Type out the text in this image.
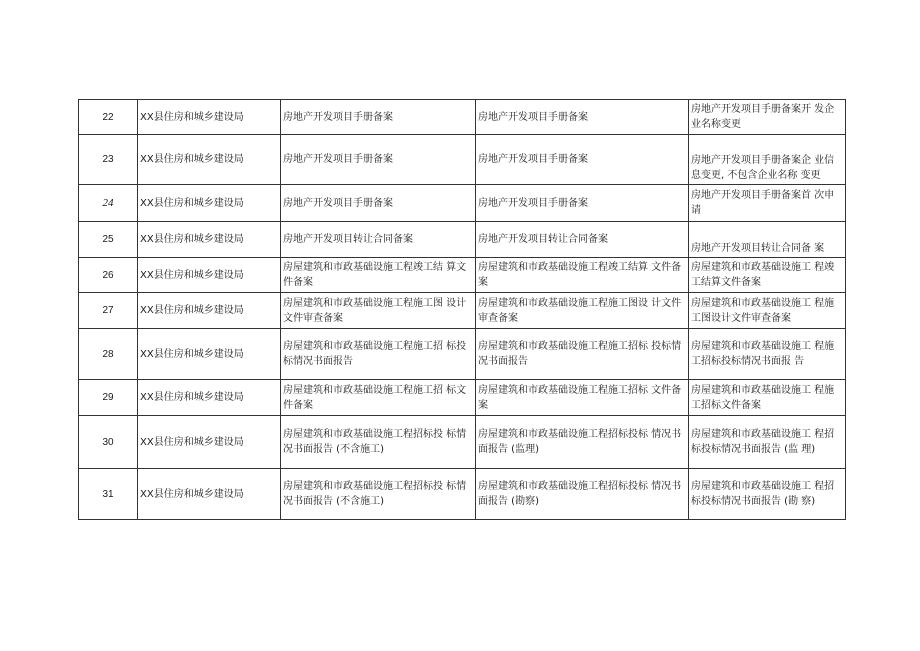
22	XX县住房和城乡建设局	房地产开发项目手册备案	房地产开发项目手册备案	房地产开发项目手册备案开 发企业名称变更
23	XX县住房和城乡建设局	房地产开发项目手册备案	房地产开发项目手册备案	房地产开发项目手册备案企 业信息变更, 不包含企业名称 变更
24	XX县住房和城乡建设局	房地产开发项目手册备案	房地产开发项目手册备案	房地产开发项目手册备案首 次申请
25	XX县住房和城乡建设局	房地产开发项目转让合同备案	房地产开发项目转让合同备案	房地产开发项目转让合同备 案
26	XX县住房和城乡建设局	房屋建筑和市政基础设施工程竣工结 算文件备案	房屋建筑和市政基础设施工程竣工结算 文件备案	房屋建筑和市政基础设施工 程竣工结算文件备案
27	XX县住房和城乡建设局	房屋建筑和市政基础设施工程施工图 设计文件审查备案	房屋建筑和市政基础设施工程施工图设 计文件审查备案	房屋建筑和市政基础设施工 程施工图设计文件审查备案
28	XX县住房和城乡建设局	房屋建筑和市政基础设施工程施工招 标投标情况书面报告	房屋建筑和市政基础设施工程施工招标 投标情况书面报告	房屋建筑和市政基础设施工 程施工招标投标情况书面报 告
29	XX县住房和城乡建设局	房屋建筑和市政基础设施工程施工招 标文件备案	房屋建筑和市政基础设施工程施工招标 文件备案	房屋建筑和市政基础设施工 程施工招标文件备案
30	XX县住房和城乡建设局	房屋建筑和市政基础设施工程招标投 标情况书面报告 (不含施工)	房屋建筑和市政基础设施工程招标投标 情况书面报告 (监理)	房屋建筑和市政基础设施工 程招标投标情况书面报告 (监 理)
31	XX县住房和城乡建设局	房屋建筑和市政基础设施工程招标投 标情况书面报告 (不含施工)	房屋建筑和市政基础设施工程招标投标 情况书面报告 (勘察)	房屋建筑和市政基础设施工 程招标投标情况书面报告 (勘 察)
